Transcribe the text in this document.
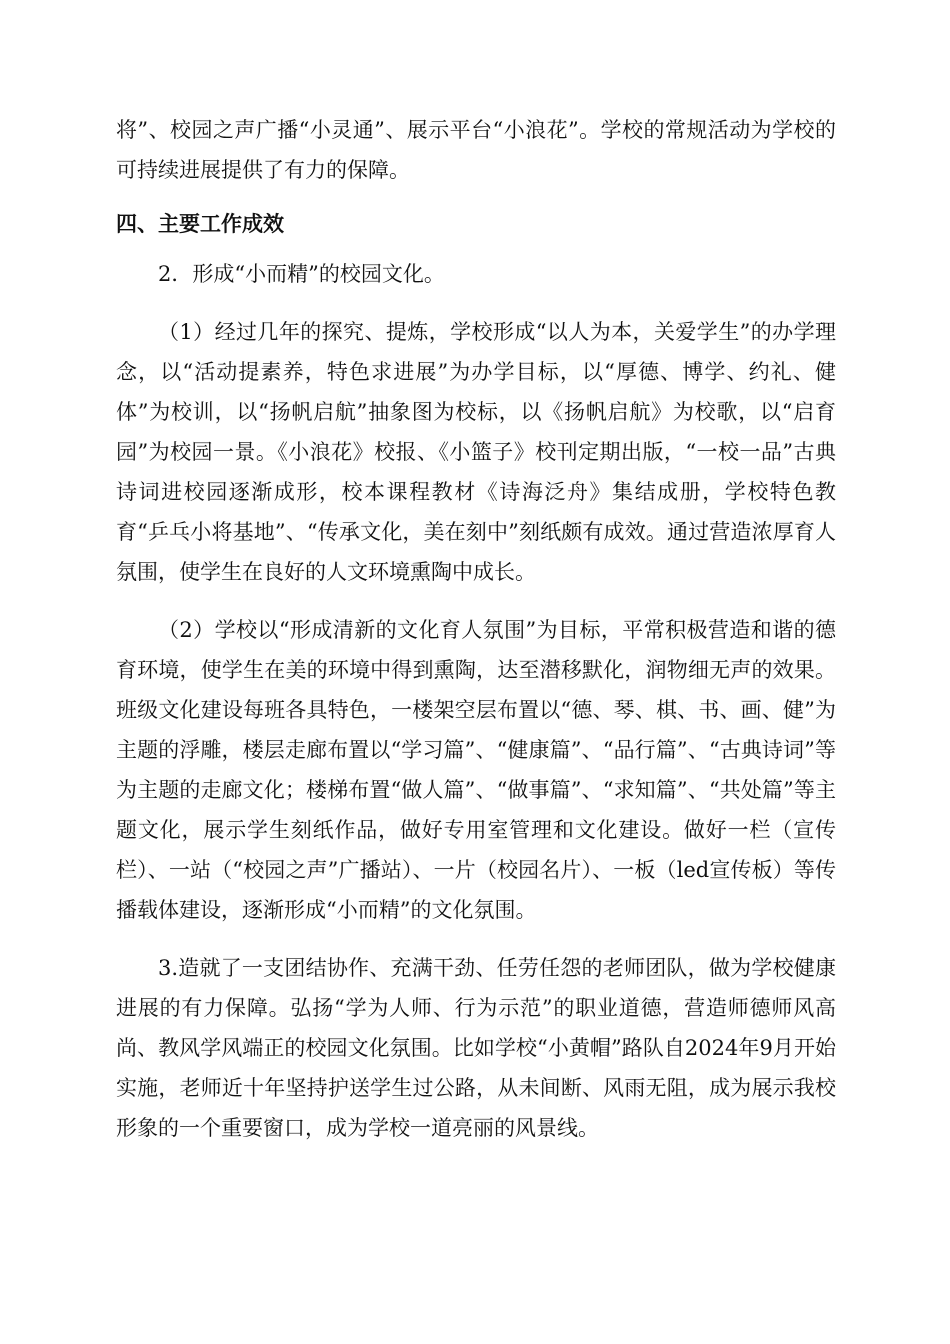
将”、校园之声广播“小灵通”、展示平台“小浪花”。学校的常规活动为学校的可持续进展提供了有力的保障。

四、主要工作成效

2．形成“小而精”的校园文化。

（1）经过几年的探究、提炼，学校形成“以人为本，关爱学生”的办学理念，以“活动提素养，特色求进展”为办学目标，以“厚德、博学、约礼、健体”为校训，以“扬帆启航”抽象图为校标，以《扬帆启航》为校歌，以“启育园”为校园一景。《小浪花》校报、《小篮子》校刊定期出版，“一校一品”古典诗词进校园逐渐成形，校本课程教材《诗海泛舟》集结成册，学校特色教育“乒乓小将基地”、“传承文化，美在刻中”刻纸颇有成效。通过营造浓厚育人氛围，使学生在良好的人文环境熏陶中成长。

（2）学校以“形成清新的文化育人氛围”为目标，平常积极营造和谐的德育环境，使学生在美的环境中得到熏陶，达至潜移默化，润物细无声的效果。班级文化建设每班各具特色，一楼架空层布置以“德、琴、棋、书、画、健”为主题的浮雕，楼层走廊布置以“学习篇”、“健康篇”、“品行篇”、“古典诗词”等为主题的走廊文化；楼梯布置“做人篇”、“做事篇”、“求知篇”、“共处篇”等主题文化，展示学生刻纸作品，做好专用室管理和文化建设。做好一栏（宣传栏）、一站（“校园之声”广播站）、一片（校园名片）、一板（led宣传板）等传播载体建设，逐渐形成“小而精”的文化氛围。

3.造就了一支团结协作、充满干劲、任劳任怨的老师团队，做为学校健康进展的有力保障。弘扬“学为人师、行为示范”的职业道德，营造师德师风高尚、教风学风端正的校园文化氛围。比如学校“小黄帽”路队自2024年9月开始实施，老师近十年坚持护送学生过公路，从未间断、风雨无阻，成为展示我校形象的一个重要窗口，成为学校一道亮丽的风景线。
